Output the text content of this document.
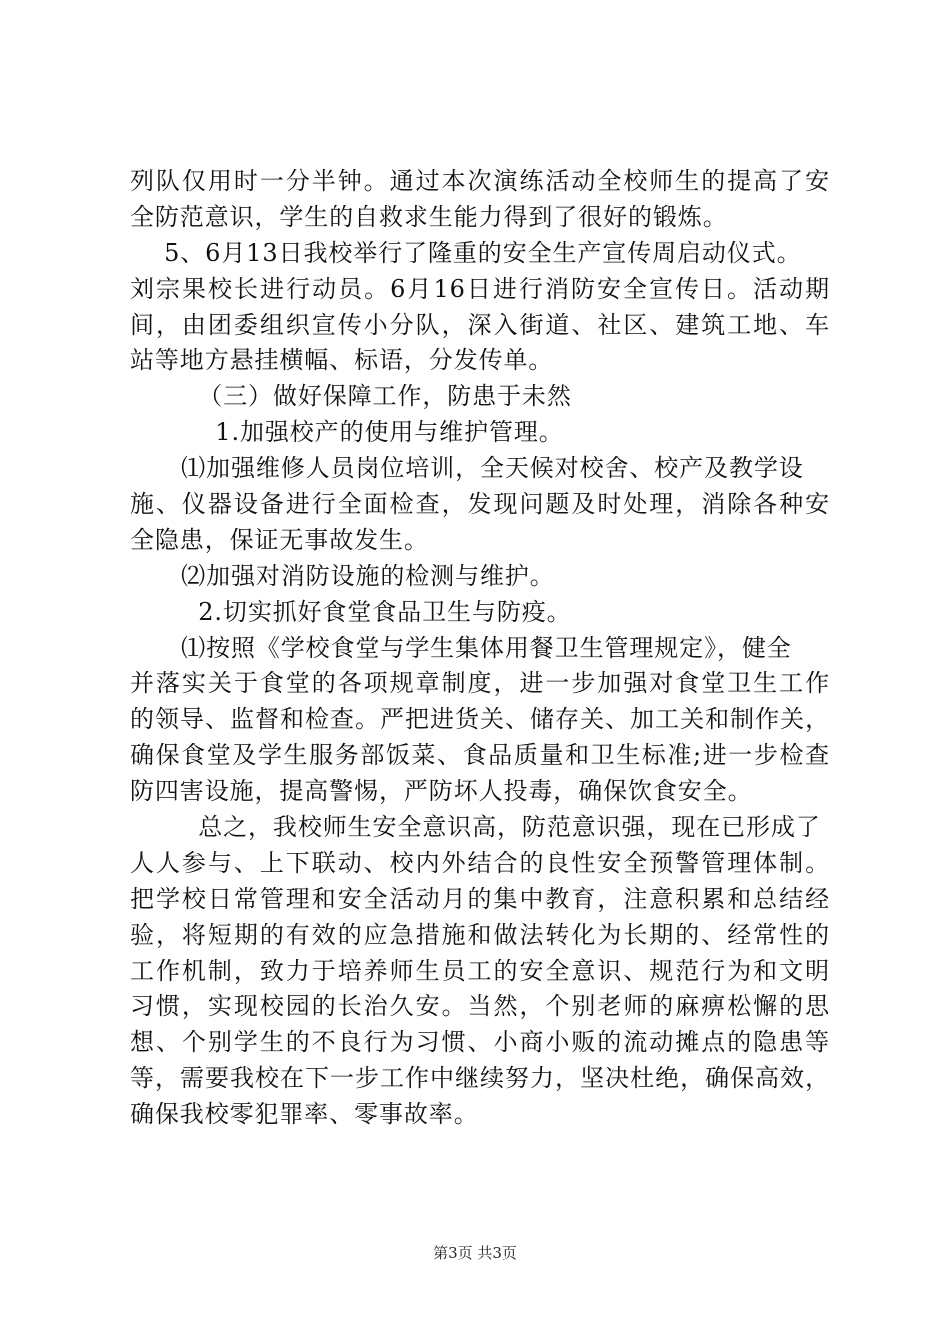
列队仅用时一分半钟。通过本次演练活动全校师生的提高了安
全防范意识，学生的自救求生能力得到了很好的锻炼。
5、6月13日我校举行了隆重的安全生产宣传周启动仪式。
刘宗果校长进行动员。6月16日进行消防安全宣传日。活动期
间，由团委组织宣传小分队，深入街道、社区、建筑工地、车
站等地方悬挂横幅、标语，分发传单。
（三）做好保障工作，防患于未然
1.加强校产的使用与维护管理。
⑴加强维修人员岗位培训，全天候对校舍、校产及教学设
施、仪器设备进行全面检查，发现问题及时处理，消除各种安
全隐患，保证无事故发生。
⑵加强对消防设施的检测与维护。
2.切实抓好食堂食品卫生与防疫。
⑴按照《学校食堂与学生集体用餐卫生管理规定》，健全
并落实关于食堂的各项规章制度，进一步加强对食堂卫生工作
的领导、监督和检查。严把进货关、储存关、加工关和制作关，
确保食堂及学生服务部饭菜、食品质量和卫生标准;进一步检查
防四害设施，提高警惕，严防坏人投毒，确保饮食安全。
总之，我校师生安全意识高，防范意识强，现在已形成了
人人参与、上下联动、校内外结合的良性安全预警管理体制。
把学校日常管理和安全活动月的集中教育，注意积累和总结经
验，将短期的有效的应急措施和做法转化为长期的、经常性的
工作机制，致力于培养师生员工的安全意识、规范行为和文明
习惯，实现校园的长治久安。当然，个别老师的麻痹松懈的思
想、个别学生的不良行为习惯、小商小贩的流动摊点的隐患等
等，需要我校在下一步工作中继续努力，坚决杜绝，确保高效，
确保我校零犯罪率、零事故率。
第3页 共3页
